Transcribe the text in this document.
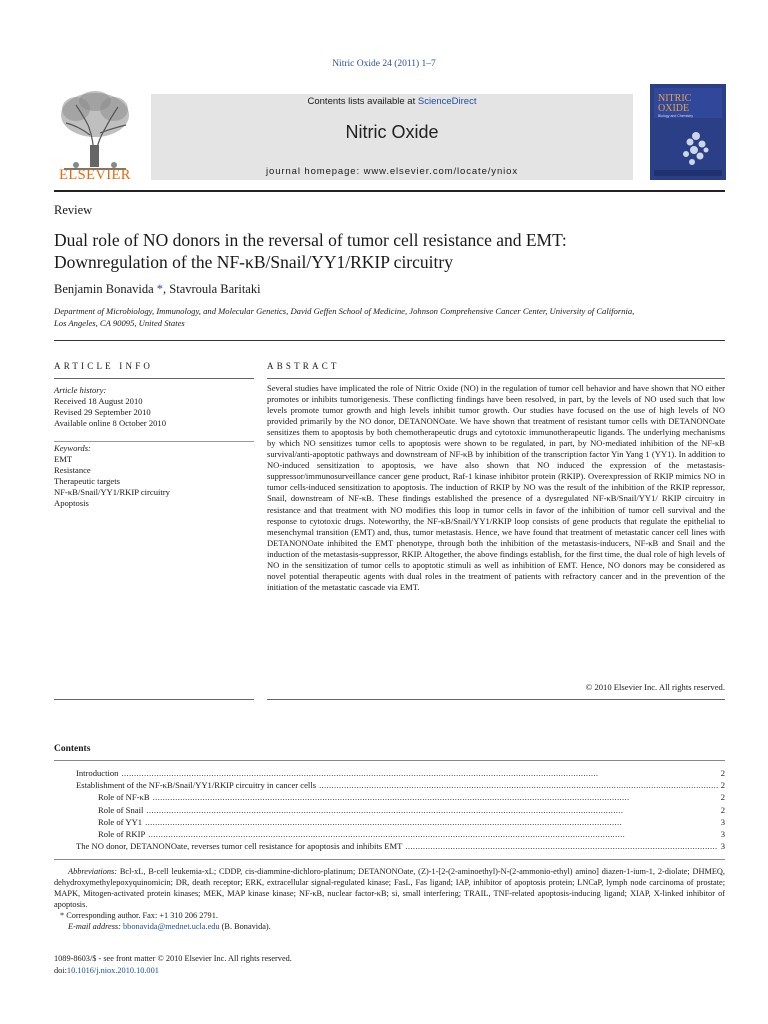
Nitric Oxide 24 (2011) 1–7
ELSEVIER
Contents lists available at ScienceDirect
Nitric Oxide
journal homepage: www.elsevier.com/locate/yniox
NITRIC
OXIDE
Biology and Chemistry
Review
Dual role of NO donors in the reversal of tumor cell resistance and EMT:
Downregulation of the NF-κB/Snail/YY1/RKIP circuitry
Benjamin Bonavida *, Stavroula Baritaki
Department of Microbiology, Immunology, and Molecular Genetics, David Geffen School of Medicine, Johnson Comprehensive Cancer Center, University of California,
Los Angeles, CA 90095, United States
ARTICLE INFO
Article history:
Received 18 August 2010
Revised 29 September 2010
Available online 8 October 2010
Keywords:
EMT
Resistance
Therapeutic targets
NF-κB/Snail/YY1/RKIP circuitry
Apoptosis
ABSTRACT
Several studies have implicated the role of Nitric Oxide (NO) in the regulation of tumor cell behavior and have shown that NO either promotes or inhibits tumorigenesis. These conflicting findings have been resolved, in part, by the levels of NO used such that low levels promote tumor growth and high levels inhibit tumor growth. Our studies have focused on the use of high levels of NO provided primarily by the NO donor, DETANONOate. We have shown that treatment of resistant tumor cells with DETANONOate sensitizes them to apoptosis by both chemotherapeutic drugs and cytotoxic immunotherapeutic ligands. The underlying mechanisms by which NO sensitizes tumor cells to apoptosis were shown to be regulated, in part, by NO-mediated inhibition of the NF-κB survival/anti-apoptotic pathways and downstream of NF-κB by inhibition of the transcription factor Yin Yang 1 (YY1). In addition to NO-induced sensitization to apoptosis, we have also shown that NO induced the expression of the metastasis-suppressor/immunosurveillance cancer gene product, Raf-1 kinase inhibitor protein (RKIP). Overexpression of RKIP mimics NO in tumor cells-induced sensitization to apoptosis. The induction of RKIP by NO was the result of the inhibition of the RKIP repressor, Snail, downstream of NF-κB. These findings established the presence of a dysregulated NF-κB/Snail/YY1/ RKIP circuitry in resistance and that treatment with NO modifies this loop in tumor cells in favor of the inhibition of tumor cell survival and the response to cytotoxic drugs. Noteworthy, the NF-κB/Snail/YY1/RKIP loop consists of gene products that regulate the epithelial to mesenchymal transition (EMT) and, thus, tumor metastasis. Hence, we have found that treatment of metastatic cancer cell lines with DETANONOate inhibited the EMT phenotype, through both the inhibition of the metastasis-inducers, NF-κB and Snail and the induction of the metastasis-suppressor, RKIP. Altogether, the above findings establish, for the first time, the dual role of high levels of NO in the sensitization of tumor cells to apoptotic stimuli as well as inhibition of EMT. Hence, NO donors may be considered as novel potential therapeutic agents with dual roles in the treatment of patients with refractory cancer and in the prevention of the initiation of the metastatic cascade via EMT.
© 2010 Elsevier Inc. All rights reserved.
Contents
Introduction . . .	2
Establishment of the NF-κB/Snail/YY1/RKIP circuitry in cancer cells . . .	2
Role of NF-κB . . .	2
Role of Snail . . .	2
Role of YY1 . . .	3
Role of RKIP . . .	3
The NO donor, DETANONOate, reverses tumor cell resistance for apoptosis and inhibits EMT . . .	3
Abbreviations: Bcl-xL, B-cell leukemia-xL; CDDP, cis-diammine-dichloro-platinum; DETANONOate, (Z)-1-[2-(2-aminoethyl)-N-(2-ammonio-ethyl) amino] diazen-1-ium-1, 2-diolate; DHMEQ, dehydroxymethylepoxyquinomicin; DR, death receptor; ERK, extracellular signal-regulated kinase; FasL, Fas ligand; IAP, inhibitor of apoptosis protein; LNCaP, lymph node carcinoma of prostate; MAPK, Mitogen-activated protein kinases; MEK, MAP kinase kinase; NF-κB, nuclear factor-κB; si, small interfering; TRAIL, TNF-related apoptosis-inducing ligand; XIAP, X-linked inhibitor of apoptosis.
* Corresponding author. Fax: +1 310 206 2791.
E-mail address: bbonavida@mednet.ucla.edu (B. Bonavida).
1089-8603/$ - see front matter © 2010 Elsevier Inc. All rights reserved.
doi:10.1016/j.niox.2010.10.001
